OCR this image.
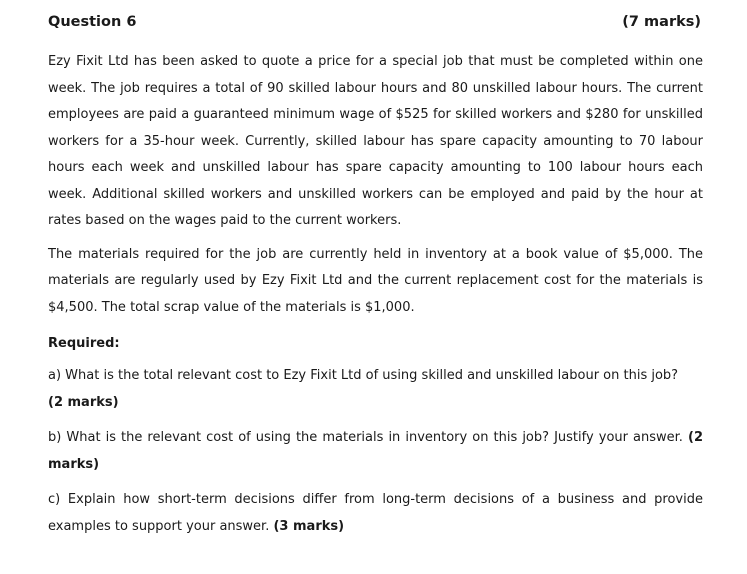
Question 6	(7 marks)

Ezy Fixit Ltd has been asked to quote a price for a special job that must be completed within one week. The job requires a total of 90 skilled labour hours and 80 unskilled labour hours. The current employees are paid a guaranteed minimum wage of $525 for skilled workers and $280 for unskilled workers for a 35-hour week. Currently, skilled labour has spare capacity amounting to 70 labour hours each week and unskilled labour has spare capacity amounting to 100 labour hours each week. Additional skilled workers and unskilled workers can be employed and paid by the hour at rates based on the wages paid to the current workers.

The materials required for the job are currently held in inventory at a book value of $5,000. The materials are regularly used by Ezy Fixit Ltd and the current replacement cost for the materials is $4,500. The total scrap value of the materials is $1,000.

Required:
a) What is the total relevant cost to Ezy Fixit Ltd of using skilled and unskilled labour on this job?
(2 marks)
b) What is the relevant cost of using the materials in inventory on this job? Justify your answer. (2 marks)
c) Explain how short-term decisions differ from long-term decisions of a business and provide examples to support your answer. (3 marks)
